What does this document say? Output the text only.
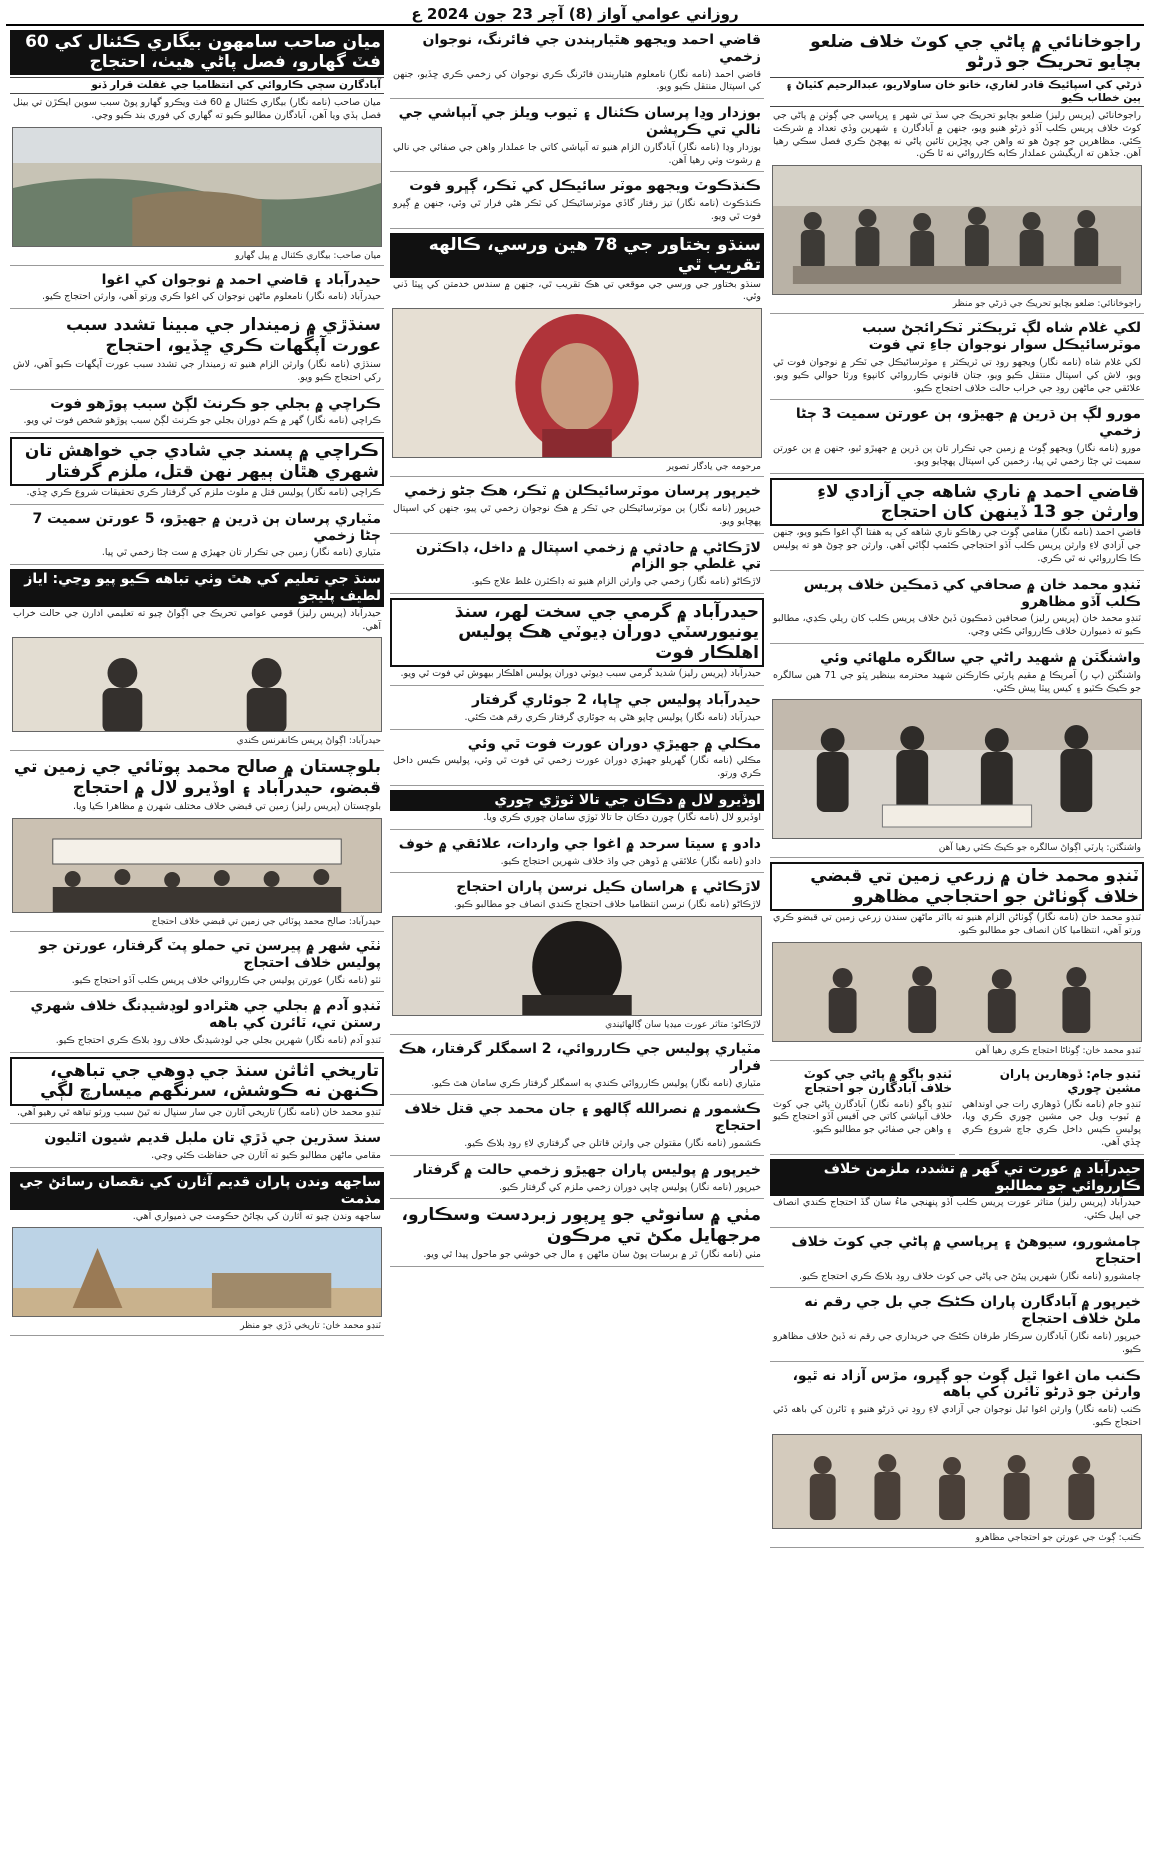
روزاني عوامي آواز (8) آچر 23 جون 2024 ع
راجوخانائي ۾ پاڻي جي کوٽ خلاف ضلعو بچايو تحريڪ جو ڌرڻو
ڌرڻي کي اسپائيڪ قادر لغاري، خانو خان ساولاريو، عبدالرحيم کٽياڻ ۽ ٻين خطاب ڪيو
راجوخانائي (پريس رليز) ضلعو بچايو تحريڪ جي سڏ تي شهر ۽ ڀرپاسي جي ڳوٺن ۾ پاڻي جي کوٽ خلاف پريس ڪلب آڏو ڌرڻو هنيو ويو، جنهن ۾ آبادگارن ۽ شهرين وڏي تعداد ۾ شرڪت ڪئي. مظاهرين جو چوڻ هو ته واهن جي پڇڙين تائين پاڻي نه پهچڻ ڪري فصل سڪي رهيا آهن. جڏهن ته اريگيشن عملدار ڪابه ڪارروائي نه ٿا ڪن.
راجوخانائي: ضلعو بچايو تحريڪ جي ڌرڻي جو منظر
لکي غلام شاه لڳ ٽريڪٽر ٽڪرائجڻ سبب موٽرسائيڪل سوار نوجوان جاءِ تي فوت
لکي غلام شاه (نامه نگار) ويجهو روڊ تي ٽريڪٽر ۽ موٽرسائيڪل جي ٽڪر ۾ نوجوان فوت ٿي ويو، لاش کي اسپتال منتقل ڪيو ويو، جتان قانوني ڪارروائي کانپوءِ ورثا حوالي ڪيو ويو. علائقي جي ماڻهن روڊ جي خراب حالت خلاف احتجاج ڪيو.
مورو لڳ ٻن ڌرين ۾ جهيڙو، ٻن عورتن سميت 3 ڄڻا زخمي
مورو (نامه نگار) ويجهو ڳوٺ ۾ زمين جي تڪرار تان ٻن ڌرين ۾ جهيڙو ٿيو، جنهن ۾ ٻن عورتن سميت ٽي ڄڻا زخمي ٿي پيا، زخمين کي اسپتال پهچايو ويو.
قاضي احمد ۾ ناري شاهه جي آزادي لاءِ وارثن جو 13 ڏينهن کان احتجاج
قاضي احمد (نامه نگار) مقامي ڳوٺ جي رهاڪو ناري شاهه کي ٻه هفتا اڳ اغوا ڪيو ويو، جنهن جي آزادي لاءِ وارثن پريس ڪلب آڏو احتجاجي ڪئمپ لڳائي آهي. وارثن جو چوڻ هو ته پوليس ڪا ڪارروائي نه ٿي ڪري.
ٽنڊو محمد خان ۾ صحافي کي ڌمڪين خلاف پريس ڪلب آڏو مظاهرو
ٽنڊو محمد خان (پريس رليز) صحافين ڌمڪيون ڏيڻ خلاف پريس ڪلب کان ريلي ڪڍي، مطالبو ڪيو ته ذميوارن خلاف ڪارروائي ڪئي وڃي.
واشنگٽن ۾ شهيد راڻي جي سالگره ملهائي وئي
واشنگٽن (پ ر) آمريڪا ۾ مقيم پارٽي ڪارڪنن شهيد محترمه بينظير ڀٽو جي 71 هين سالگره جو ڪيڪ ڪٽيو ۽ کيس ڀيٽا پيش ڪئي.
واشنگٽن: پارٽي اڳواڻ سالگره جو ڪيڪ ڪٽي رهيا آهن
ٽنڊو محمد خان ۾ زرعي زمين تي قبضي خلاف ڳوٺاڻن جو احتجاجي مظاهرو
ٽنڊو محمد خان (نامه نگار) ڳوٺاڻن الزام هنيو ته بااثر ماڻهن سندن زرعي زمين تي قبضو ڪري ورتو آهي، انتظاميا کان انصاف جو مطالبو ڪيو.
ٽنڊو محمد خان: ڳوٺاڻا احتجاج ڪري رهيا آهن
ٽنڊو جام: ڏوهارين پاران مشين چوري
ٽنڊو جام (نامه نگار) ڏوهاري رات جي اونداهي ۾ ٽيوب ويل جي مشين چوري ڪري ويا، پوليس ڪيس داخل ڪري جاچ شروع ڪري ڇڏي آهي.
ٽنڊو ٻاگو ۾ پاڻي جي کوٽ خلاف آبادگارن جو احتجاج
ٽنڊو ٻاگو (نامه نگار) آبادگارن پاڻي جي کوٽ خلاف آبپاشي کاتي جي آفيس آڏو احتجاج ڪيو ۽ واهن جي صفائي جو مطالبو ڪيو.
حيدرآباد ۾ عورت تي گهر ۾ تشدد، ملزمن خلاف ڪارروائي جو مطالبو
حيدرآباد (پريس رليز) متاثر عورت پريس ڪلب آڏو پنهنجي ماءُ سان گڏ احتجاج ڪندي انصاف جي اپيل ڪئي.
ڄامشورو، سيوهڻ ۽ ڀرپاسي ۾ پاڻي جي کوٽ خلاف احتجاج
ڄامشورو (نامه نگار) شهرين پيئڻ جي پاڻي جي کوٽ خلاف روڊ بلاڪ ڪري احتجاج ڪيو.
خيرپور ۾ آبادگارن پاران ڪڻڪ جي بل جي رقم نه ملڻ خلاف احتجاج
خيرپور (نامه نگار) آبادگارن سرڪار طرفان ڪڻڪ جي خريداري جي رقم نه ڏيڻ خلاف مظاهرو ڪيو.
ڪنب مان اغوا ٿيل ڳوٺ جو ڳڀرو، مڙس آزاد نه ٿيو، وارثن جو ڌرڻو ٽائرن کي باهه
ڪنب (نامه نگار) وارثن اغوا ٿيل نوجوان جي آزادي لاءِ روڊ تي ڌرڻو هنيو ۽ ٽائرن کي باهه ڏئي احتجاج ڪيو.
ڪنب: ڳوٺ جي عورتن جو احتجاجي مظاهرو
قاضي احمد ويجهو هٿيارٻندن جي فائرنگ، نوجوان زخمي
قاضي احمد (نامه نگار) نامعلوم هٿيارٻندن فائرنگ ڪري نوجوان کي زخمي ڪري ڇڏيو، جنهن کي اسپتال منتقل ڪيو ويو.
بوزدار وڍا پرسان ڪئنال ۽ ٽيوب ويلز جي آبپاشي جي نالي تي ڪرپشن
بوزدار وڍا (نامه نگار) آبادگارن الزام هنيو ته آبپاشي کاتي جا عملدار واهن جي صفائي جي نالي ۾ رشوت وٺي رهيا آهن.
ڪنڌڪوٽ ويجهو موٽر سائيڪل کي ٽڪر، ڳڀرو فوت
ڪنڌڪوٽ (نامه نگار) تيز رفتار گاڏي موٽرسائيڪل کي ٽڪر هڻي فرار ٿي وئي، جنهن ۾ ڳڀرو فوت ٿي ويو.
سنڌو بختاور جي 78 هين ورسي، ڪالهه تقريب ٿي
سنڌو بختاور جي ورسي جي موقعي تي هڪ تقريب ٿي، جنهن ۾ سندس خدمتن کي ڀيٽا ڏني وئي.
مرحومه جي يادگار تصوير
خيرپور پرسان موٽرسائيڪلن ۾ ٽڪر، هڪ جڻو زخمي
خيرپور (نامه نگار) ٻن موٽرسائيڪلن جي ٽڪر ۾ هڪ نوجوان زخمي ٿي پيو، جنهن کي اسپتال پهچايو ويو.
لاڙڪاڻي ۾ حادثي ۾ زخمي اسپتال ۾ داخل، ڊاڪٽرن تي غلطي جو الزام
لاڙڪاڻو (نامه نگار) زخمي جي وارثن الزام هنيو ته ڊاڪٽرن غلط علاج ڪيو.
حيدرآباد ۾ گرمي جي سخت لهر، سنڌ يونيورسٽي دوران ڊيوٽي هڪ پوليس اهلڪار فوت
حيدرآباد (پريس رليز) شديد گرمي سبب ڊيوٽي دوران پوليس اهلڪار بيهوش ٿي فوت ٿي ويو.
حيدرآباد پوليس جي ڇاپا، 2 جوئاري گرفتار
حيدرآباد (نامه نگار) پوليس ڇاپو هڻي ٻه جوئاري گرفتار ڪري رقم هٿ ڪئي.
مڪلي ۾ جهيڙي دوران عورت فوت ٿي وئي
مڪلي (نامه نگار) گهريلو جهيڙي دوران عورت زخمي ٿي فوت ٿي وئي، پوليس ڪيس داخل ڪري ورتو.
اوڏيرو لال ۾ دڪان جي تالا ٽوڙي چوري
اوڏيرو لال (نامه نگار) چورن دڪان جا تالا ٽوڙي سامان چوري ڪري ويا.
دادو ۽ سيتا سرحد ۾ اغوا جي واردات، علائقي ۾ خوف
دادو (نامه نگار) علائقي ۾ ڏوهن جي واڌ خلاف شهرين احتجاج ڪيو.
لاڙڪاڻي ۽ هراسان ڪيل نرسن پاران احتجاج
لاڙڪاڻو (نامه نگار) نرسن انتظاميا خلاف احتجاج ڪندي انصاف جو مطالبو ڪيو.
لاڙڪاڻو: متاثر عورت ميڊيا سان ڳالهائيندي
مٽياري پوليس جي ڪارروائي، 2 اسمگلر گرفتار، هڪ فرار
مٽياري (نامه نگار) پوليس ڪارروائي ڪندي ٻه اسمگلر گرفتار ڪري سامان هٿ ڪيو.
ڪشمور ۾ نصرالله ڳالهو ۽ جان محمد جي قتل خلاف احتجاج
ڪشمور (نامه نگار) مقتولن جي وارثن قاتلن جي گرفتاري لاءِ روڊ بلاڪ ڪيو.
خيرپور ۾ پوليس پاران جهيڙو زخمي حالت ۾ گرفتار
خيرپور (نامه نگار) پوليس ڇاپي دوران زخمي ملزم کي گرفتار ڪيو.
مٺي ۾ سانوڻي جو ڀرپور زبردست وسڪارو، مرجهايل مکڻ تي مرڪون
مٺي (نامه نگار) ٿر ۾ برسات پوڻ سان ماڻهن ۽ مال جي خوشي جو ماحول پيدا ٿي ويو.
ميان صاحب سامهون بيگاري ڪئنال کي 60 فٽ گهارو، فصل پاڻي هيٺ، احتجاج
آبادگارن سڄي ڪاروائي کي انتظاميا جي غفلت قرار ڏنو
ميان صاحب (نامه نگار) بيگاري ڪئنال ۾ 60 فٽ ويڪرو گهارو پوڻ سبب سوين ايڪڙن تي بيٺل فصل ٻڏي ويا آهن، آبادگارن مطالبو ڪيو ته گهاري کي فوري بند ڪيو وڃي.
ميان صاحب: بيگاري ڪئنال ۾ پيل گهارو
حيدرآباد ۽ قاضي احمد ۾ نوجوان کي اغوا
حيدرآباد (نامه نگار) نامعلوم ماڻهن نوجوان کي اغوا ڪري ورتو آهي، وارثن احتجاج ڪيو.
سنڌڙي ۾ زميندار جي مبينا تشدد سبب عورت آپگهات ڪري ڇڏيو، احتجاج
سنڌڙي (نامه نگار) وارثن الزام هنيو ته زميندار جي تشدد سبب عورت آپگهات ڪيو آهي، لاش رکي احتجاج ڪيو ويو.
ڪراچي ۾ بجلي جو ڪرنٽ لڳڻ سبب پوڙهو فوت
ڪراچي (نامه نگار) گهر ۾ ڪم دوران بجلي جو ڪرنٽ لڳڻ سبب پوڙهو شخص فوت ٿي ويو.
ڪراچي ۾ پسند جي شادي جي خواهش تان شهري هٿان ٻيهر نهن قتل، ملزم گرفتار
ڪراچي (نامه نگار) پوليس قتل ۾ ملوث ملزم کي گرفتار ڪري تحقيقات شروع ڪري ڇڏي.
مٽياري پرسان ٻن ڌرين ۾ جهيڙو، 5 عورتن سميت 7 ڄڻا زخمي
مٽياري (نامه نگار) زمين جي تڪرار تان جهيڙي ۾ ست ڄڻا زخمي ٿي پيا.
سنڌ جي تعليم کي هٿ وٺي تباهه ڪيو پيو وڃي: اياز لطيف پليجو
حيدرآباد (پريس رليز) قومي عوامي تحريڪ جي اڳواڻ چيو ته تعليمي ادارن جي حالت خراب آهي.
حيدرآباد: اڳواڻ پريس ڪانفرنس ڪندي
بلوچستان ۾ صالح محمد پوٽائي جي زمين تي قبضو، حيدرآباد ۽ اوڏيرو لال ۾ احتجاج
بلوچستان (پريس رليز) زمين تي قبضي خلاف مختلف شهرن ۾ مظاهرا ڪيا ويا.
حيدرآباد: صالح محمد پوٽائي جي زمين تي قبضي خلاف احتجاج
ٺٽي شهر ۾ پيرسن تي حملو پٽ گرفتار، عورتن جو پوليس خلاف احتجاج
ٺٽو (نامه نگار) عورتن پوليس جي ڪارروائي خلاف پريس ڪلب آڏو احتجاج ڪيو.
ٽنڊو آدم ۾ بجلي جي هٿرادو لوڊشيڊنگ خلاف شهري رستن تي، ٽائرن کي باهه
ٽنڊو آدم (نامه نگار) شهرين بجلي جي لوڊشيڊنگ خلاف روڊ بلاڪ ڪري احتجاج ڪيو.
تاريخي اثاثن سنڌ جي ڊوهي جي تباهي، ڪنهن نه ڪوشش، سرنگهم ميسارچ لڳي
ٽنڊو محمد خان (نامه نگار) تاريخي آثارن جي سار سنڀال نه ٿيڻ سبب ورثو تباهه ٿي رهيو آهي.
سنڌ سڌرين جي ڏڙي تان ملبل قديم شيون اٿليون
مقامي ماڻهن مطالبو ڪيو ته آثارن جي حفاظت ڪئي وڃي.
ساجهه وندن پاران قديم آثارن کي نقصان رسائڻ جي مذمت
ساجهه وندن چيو ته آثارن کي بچائڻ حڪومت جي ذميواري آهي.
ٽنڊو محمد خان: تاريخي ڏڙي جو منظر
